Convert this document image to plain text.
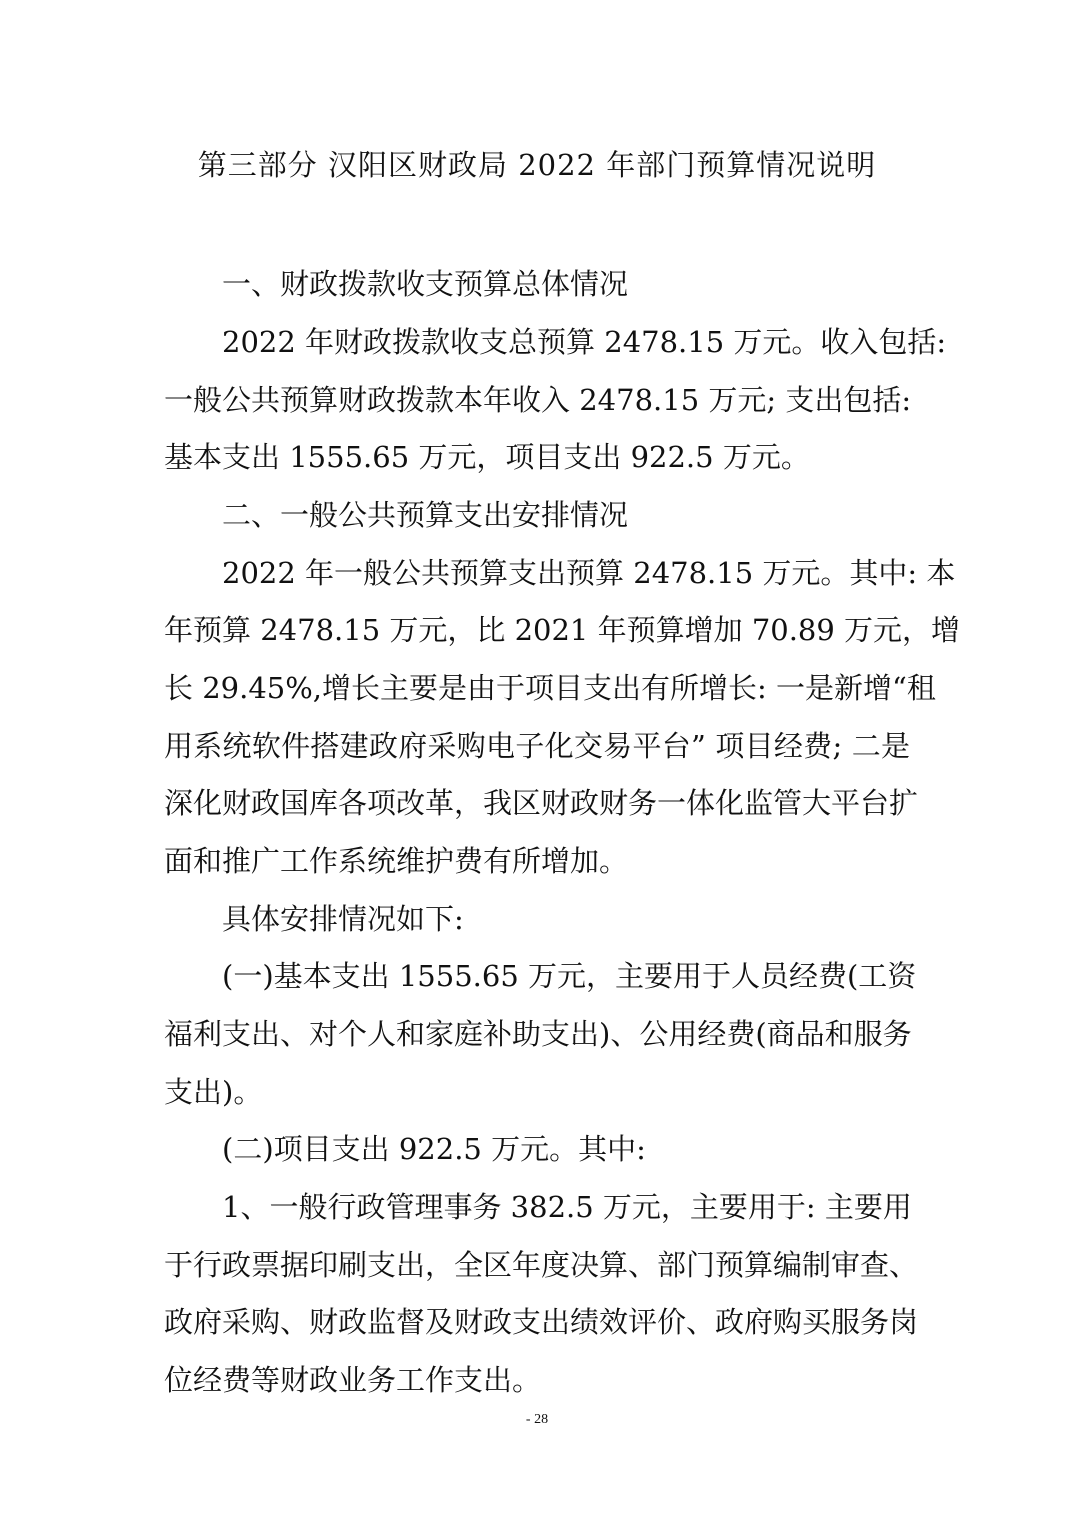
第三部分 汉阳区财政局 2022 年部门预算情况说明
一、财政拨款收支预算总体情况
2022 年财政拨款收支总预算 2478.15 万元。收入包括:
一般公共预算财政拨款本年收入 2478.15 万元; 支出包括:
基本支出 1555.65 万元，项目支出 922.5 万元。
二、一般公共预算支出安排情况
2022 年一般公共预算支出预算 2478.15 万元。其中: 本
年预算 2478.15 万元，比 2021 年预算增加 70.89 万元，增
长 29.45%,增长主要是由于项目支出有所增长: 一是新增“租
用系统软件搭建政府采购电子化交易平台” 项目经费; 二是
深化财政国库各项改革，我区财政财务一体化监管大平台扩
面和推广工作系统维护费有所增加。
具体安排情况如下:
(一)基本支出 1555.65 万元，主要用于人员经费(工资
福利支出、对个人和家庭补助支出)、公用经费(商品和服务
支出)。
(二)项目支出 922.5 万元。其中:
1、一般行政管理事务 382.5 万元，主要用于: 主要用
于行政票据印刷支出，全区年度决算、部门预算编制审查、
政府采购、财政监督及财政支出绩效评价、政府购买服务岗
位经费等财政业务工作支出。
- 28
